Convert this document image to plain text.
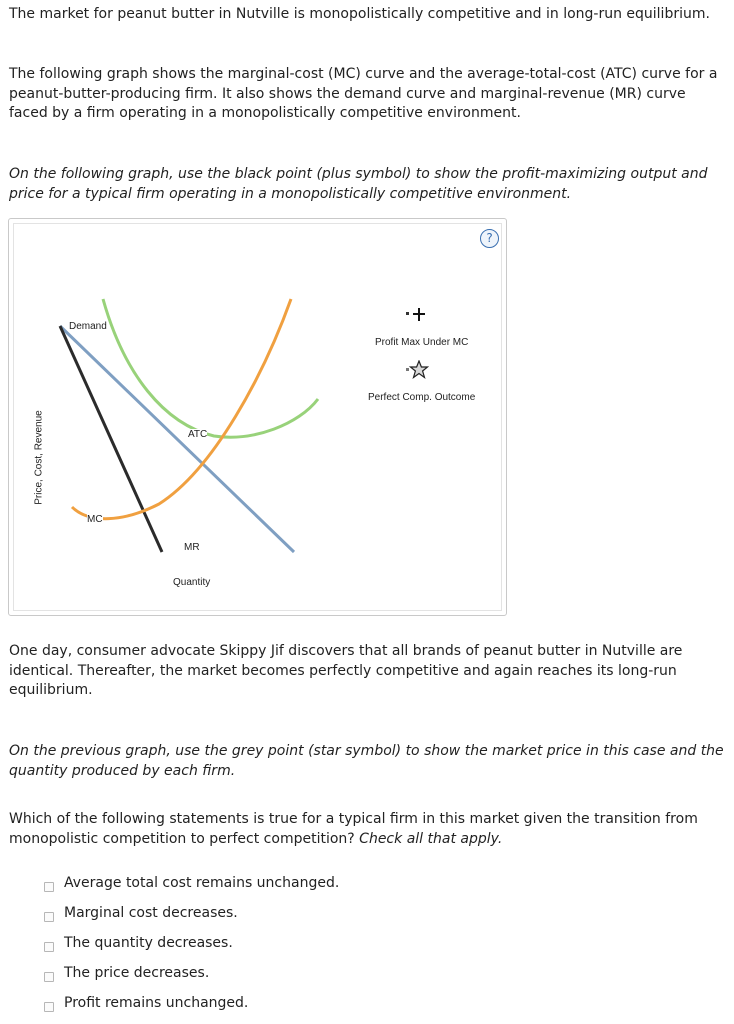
The market for peanut butter in Nutville is monopolistically competitive and in long-run equilibrium.

The following graph shows the marginal-cost (MC) curve and the average-total-cost (ATC) curve for a peanut-butter-producing firm. It also shows the demand curve and marginal-revenue (MR) curve faced by a firm operating in a monopolistically competitive environment.

On the following graph, use the black point (plus symbol) to show the profit-maximizing output and price for a typical firm operating in a monopolistically competitive environment.

?
Price, Cost, Revenue
Quantity
Demand
ATC
MC
MR
Profit Max Under MC
Perfect Comp. Outcome

One day, consumer advocate Skippy Jif discovers that all brands of peanut butter in Nutville are identical. Thereafter, the market becomes perfectly competitive and again reaches its long-run equilibrium.

On the previous graph, use the grey point (star symbol) to show the market price in this case and the quantity produced by each firm.

Which of the following statements is true for a typical firm in this market given the transition from monopolistic competition to perfect competition? Check all that apply.

Average total cost remains unchanged.
Marginal cost decreases.
The quantity decreases.
The price decreases.
Profit remains unchanged.
